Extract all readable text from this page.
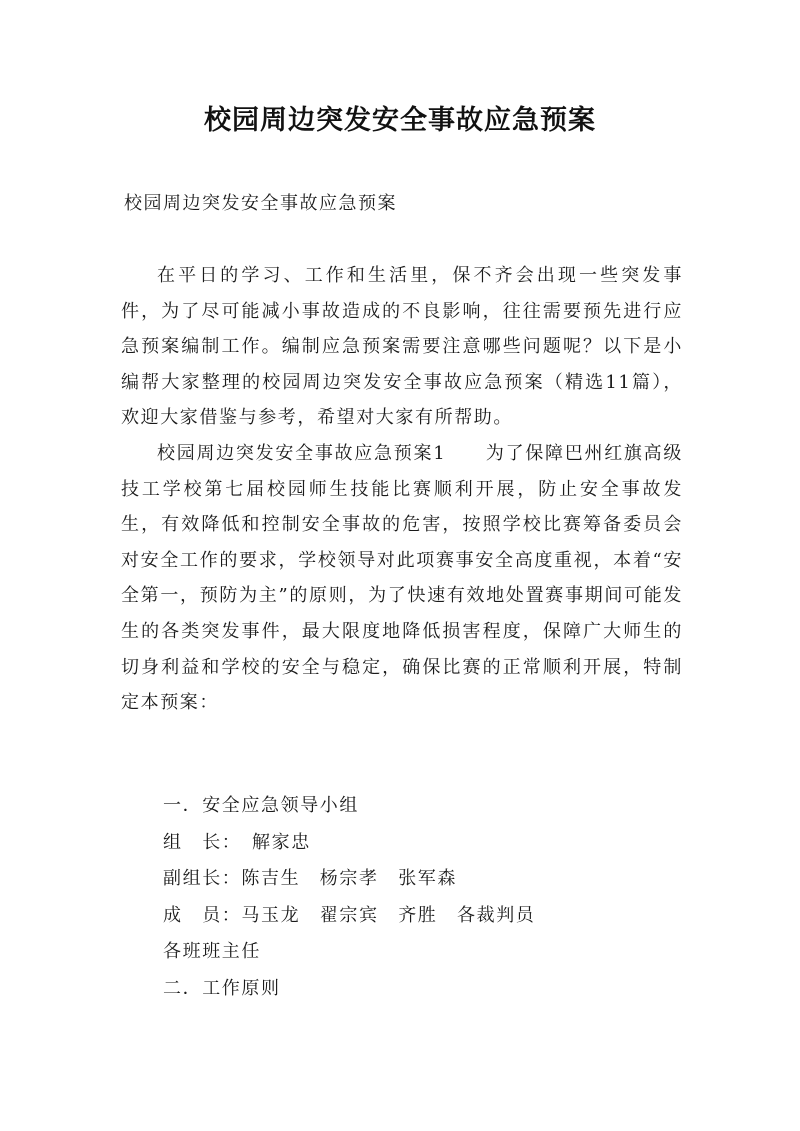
校园周边突发安全事故应急预案

校园周边突发安全事故应急预案

在平日的学习、工作和生活里，保不齐会出现一些突发事件，为了尽可能减小事故造成的不良影响，往往需要预先进行应急预案编制工作。编制应急预案需要注意哪些问题呢？以下是小编帮大家整理的校园周边突发安全事故应急预案（精选11篇），欢迎大家借鉴与参考，希望对大家有所帮助。

校园周边突发安全事故应急预案1　　为了保障巴州红旗高级技工学校第七届校园师生技能比赛顺利开展，防止安全事故发生，有效降低和控制安全事故的危害，按照学校比赛筹备委员会对安全工作的要求，学校领导对此项赛事安全高度重视，本着“安全第一，预防为主”的原则，为了快速有效地处置赛事期间可能发生的各类突发事件，最大限度地降低损害程度，保障广大师生的切身利益和学校的安全与稳定，确保比赛的正常顺利开展，特制定本预案：

一．安全应急领导小组
组　长：　解家忠
副组长：陈吉生　杨宗孝　张军森
成　员：马玉龙　翟宗宾　齐胜　各裁判员
各班班主任
二．工作原则
